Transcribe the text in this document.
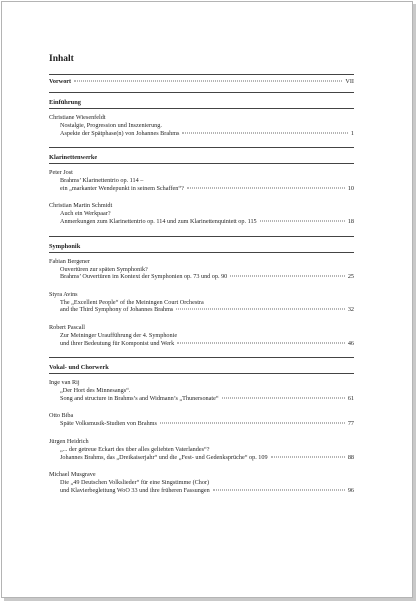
Inhalt
Vorwort	VII
Einführung
Christiane Wiesenfeldt
Nostalgie, Progression und Inszenierung.
Aspekte der Spätphase(n) von Johannes Brahms	1
Klarinettenwerke
Peter Jost
Brahms’ Klarinettentrio op. 114 –
ein „markanter Wendepunkt in seinem Schaffen“?	10
Christian Martin Schmidt
Auch ein Werkpaar?
Anmerkungen zum Klarinettentrio op. 114 und zum Klarinettenquintett op. 115	18
Symphonik
Fabian Bergener
Ouvertüren zur späten Symphonik?
Brahms’ Ouvertüren im Kontext der Symphonien op. 73 und op. 90	25
Styra Avins
The „Excellent People“ of the Meiningen Court Orchestra
and the Third Symphony of Johannes Brahms	32
Robert Pascall
Zur Meininger Uraufführung der 4. Symphonie
und ihrer Bedeutung für Komponist und Werk	46
Vokal- und Chorwerk
Inge van Rij
„Der Hort des Minnesangs“.
Song and structure in Brahms’s and Widmann’s „Thunersonate“	61
Otto Biba
Späte Volksmusik-Studien von Brahms	77
Jürgen Heidrich
„... der getreue Eckart des über alles geliebten Vaterlandes“?
Johannes Brahms, das „Dreikaiserjahr“ und die „Fest- und Gedenksprüche“ op. 109	88
Michael Musgrave
Die „49 Deutschen Volkslieder“ für eine Singstimme (Chor)
und Klavierbegleitung WoO 33 und ihre früheren Fassungen	96
